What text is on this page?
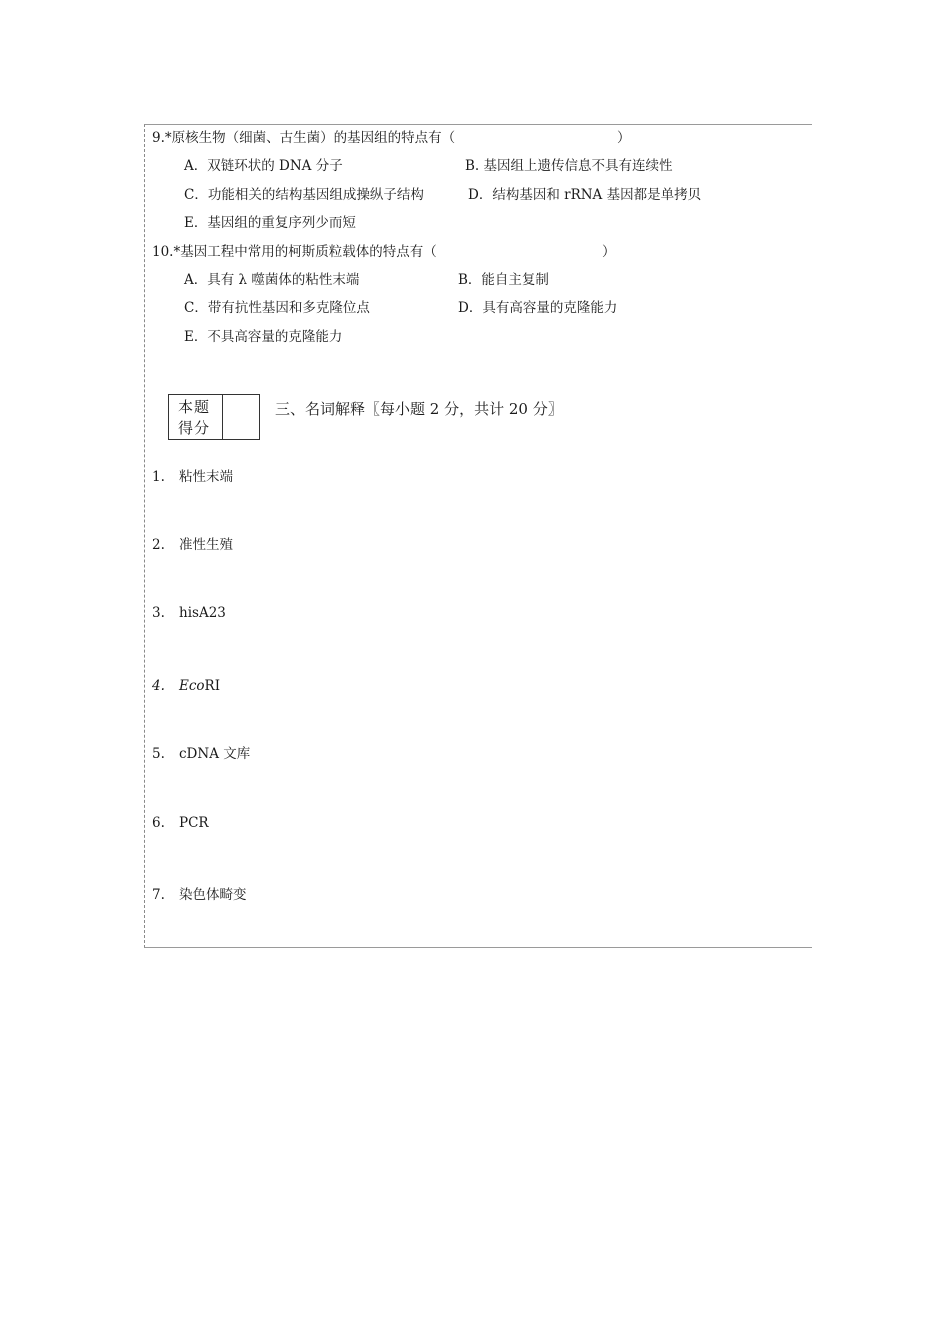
9.*原核生物（细菌、古生菌）的基因组的特点有（	）
A．双链环状的 DNA 分子	B. 基因组上遗传信息不具有连续性
C．功能相关的结构基因组成操纵子结构	D．结构基因和 rRNA 基因都是单拷贝
E．基因组的重复序列少而短
10.*基因工程中常用的柯斯质粒载体的特点有（	）
A．具有 λ 噬菌体的粘性末端	B．能自主复制
C．带有抗性基因和多克隆位点	D．具有高容量的克隆能力
E．不具高容量的克隆能力
本题
得分
三、名词解释〖每小题 2 分，共计 20 分〗
1. 粘性末端
2. 准性生殖
3. hisA23
4. EcoRI
5. cDNA 文库
6. PCR
7. 染色体畸变
